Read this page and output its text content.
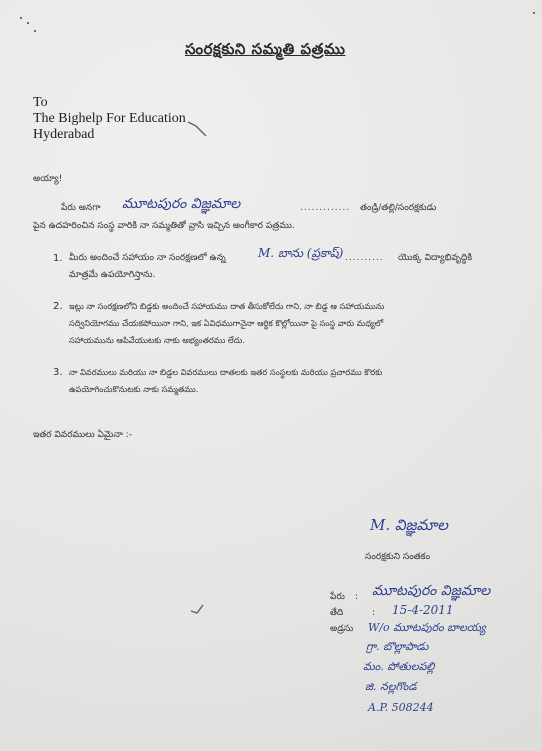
సంరక్షకుని సమ్మతి పత్రము
To
The Bighelp For Education
Hyderabad
అయ్యా!
పేరు అనగా మూటపురం విజ్ఞమాల	............. తండ్రి/తల్లి/సంరక్షకుడు
పైన ఉదహరించిన సంస్థ వారికి నా సమ్మతితో వ్రాసి ఇచ్చిన అంగీకార పత్రము.
1. మీరు అందించే సహాయం నా సంరక్షణలో ఉన్న	M. బాను (ప్రకాష్) .......... యొక్క విద్యాభివృద్ధికి
మాత్రమే ఉపయోగిస్తాను.
2. ఇట్లు నా సంరక్షణలోని బిడ్డకు అందించే సహాయము దాత తీసుకోలేదు గాని, నా బిడ్డ ఆ సహాయమును
సద్వినియోగము చేయకపోయినా గాని, ఇక ఏవిధముగానైనా ఆర్థిక కొల్లోయినా పై సంస్థ వారు మధ్యలో
సహాయమును ఆపివేయుటకు నాకు అభ్యంతరము లేదు.
3. నా వివరములు మరియు నా బిడ్డల వివరములు దాతలకు ఇతర సంస్థలకు మరియు ప్రచారము కొరకు
ఉపయోగించుకొనుటకు నాకు సమ్మతము.
ఇతర వివరములు ఏమైనా :-
M. విజ్ఞమాల
సంరక్షకుని సంతకం
పేరు : మూటపురం విజ్ఞమాల
తేది	: 15-4-2011
అడ్రసు W/o మూటపురం బాలయ్య
గ్రా. బొల్లాపాడు
మం. పోతులపల్లి
జి. నల్లగొండ
A.P. 508244
